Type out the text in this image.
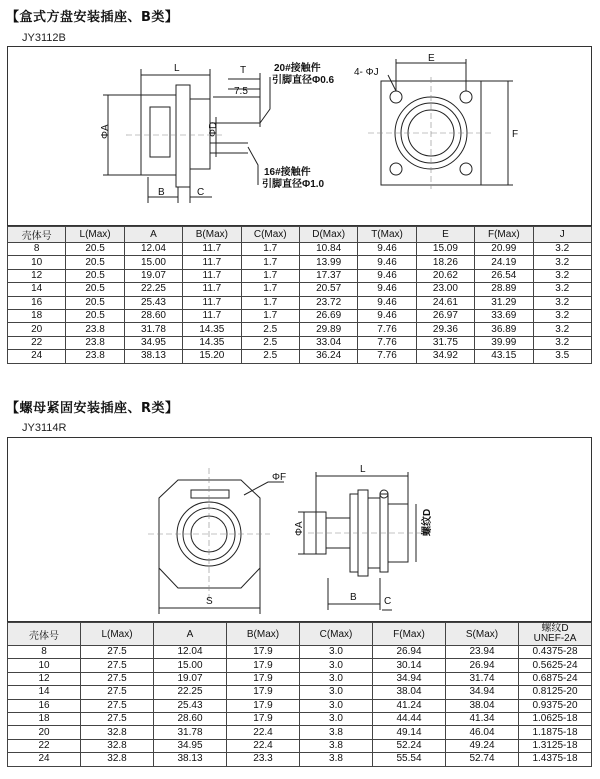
【盒式方盘安装插座、B类】
JY3112B
L	T
7.5
ΦA	ΦD
B	C
20#接触件
引脚直径Φ0.6
16#接触件
引脚直径Φ1.0
4- ΦJ
E
F
壳体号	L(Max)	A	B(Max)	C(Max)	D(Max)	T(Max)	E	F(Max)	J
8	20.5	12.04	11.7	1.7	10.84	9.46	15.09	20.99	3.2
10	20.5	15.00	11.7	1.7	13.99	9.46	18.26	24.19	3.2
12	20.5	19.07	11.7	1.7	17.37	9.46	20.62	26.54	3.2
14	20.5	22.25	11.7	1.7	20.57	9.46	23.00	28.89	3.2
16	20.5	25.43	11.7	1.7	23.72	9.46	24.61	31.29	3.2
18	20.5	28.60	11.7	1.7	26.69	9.46	26.97	33.69	3.2
20	23.8	31.78	14.35	2.5	29.89	7.76	29.36	36.89	3.2
22	23.8	34.95	14.35	2.5	33.04	7.76	31.75	39.99	3.2
24	23.8	38.13	15.20	2.5	36.24	7.76	34.92	43.15	3.5
【螺母紧固安装插座、R类】
JY3114R
ΦF
S
L
ΦA	螺纹D
B	C
壳体号	L(Max)	A	B(Max)	C(Max)	F(Max)	S(Max)	螺纹D
UNEF-2A

8	27.5	12.04	17.9	3.0	26.94	23.94	0.4375-28
10	27.5	15.00	17.9	3.0	30.14	26.94	0.5625-24
12	27.5	19.07	17.9	3.0	34.94	31.74	0.6875-24
14	27.5	22.25	17.9	3.0	38.04	34.94	0.8125-20
16	27.5	25.43	17.9	3.0	41.24	38.04	0.9375-20
18	27.5	28.60	17.9	3.0	44.44	41.34	1.0625-18
20	32.8	31.78	22.4	3.8	49.14	46.04	1.1875-18
22	32.8	34.95	22.4	3.8	52.24	49.24	1.3125-18
24	32.8	38.13	23.3	3.8	55.54	52.74	1.4375-18
